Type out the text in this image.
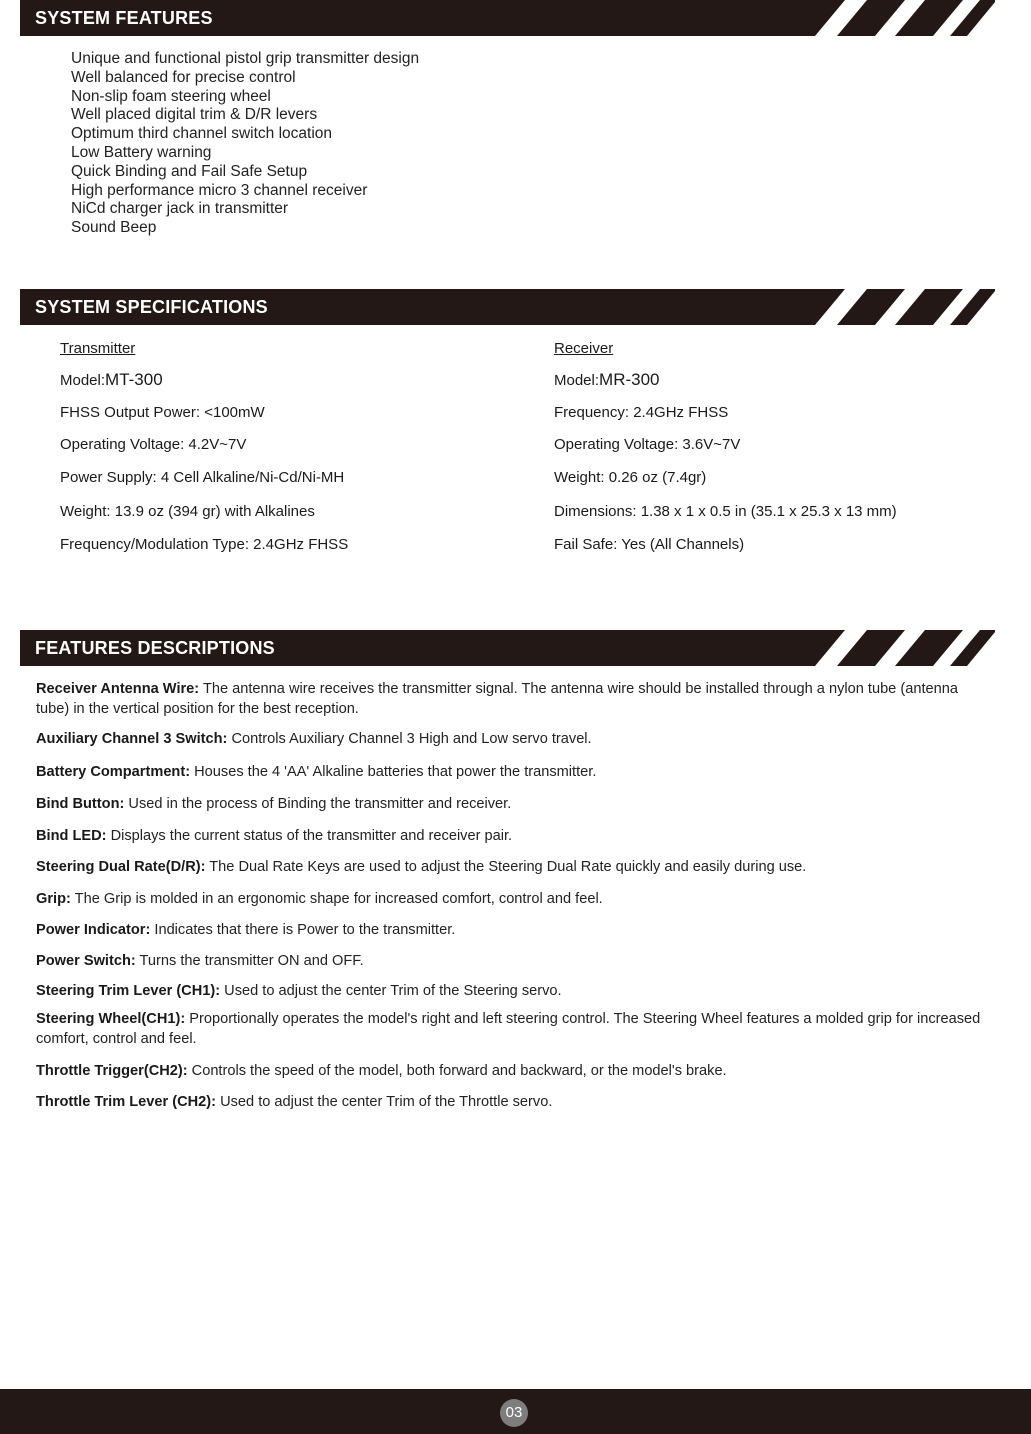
SYSTEM FEATURES
Unique and functional pistol grip transmitter design
Well balanced for precise control
Non-slip foam steering wheel
Well placed digital trim & D/R levers
Optimum third channel switch location
Low Battery warning
Quick Binding and Fail Safe Setup
High performance micro 3 channel receiver
NiCd charger jack in transmitter
Sound Beep
SYSTEM SPECIFICATIONS
Transmitter
Model:MT-300
FHSS Output Power: <100mW
Operating Voltage: 4.2V~7V
Power Supply: 4 Cell Alkaline/Ni-Cd/Ni-MH
Weight: 13.9 oz (394 gr) with Alkalines
Frequency/Modulation Type: 2.4GHz FHSS
Receiver
Model:MR-300
Frequency: 2.4GHz FHSS
Operating Voltage: 3.6V~7V
Weight: 0.26 oz (7.4gr)
Dimensions: 1.38 x 1 x 0.5 in (35.1 x 25.3 x 13 mm)
Fail Safe: Yes (All Channels)
FEATURES DESCRIPTIONS
Receiver Antenna Wire: The antenna wire receives the transmitter signal. The antenna wire should be installed through a nylon tube (antenna tube) in the vertical position for the best reception.
Auxiliary Channel 3 Switch: Controls Auxiliary Channel 3 High and Low servo travel.
Battery Compartment: Houses the 4 'AA' Alkaline batteries that power the transmitter.
Bind Button: Used in the process of Binding the transmitter and receiver.
Bind LED: Displays the current status of the transmitter and receiver pair.
Steering Dual Rate(D/R): The Dual Rate Keys are used to adjust the Steering Dual Rate quickly and easily during use.
Grip: The Grip is molded in an ergonomic shape for increased comfort, control and feel.
Power Indicator: Indicates that there is Power to the transmitter.
Power Switch: Turns the transmitter ON and OFF.
Steering Trim Lever (CH1): Used to adjust the center Trim of the Steering servo.
Steering Wheel(CH1): Proportionally operates the model's right and left steering control. The Steering Wheel features a molded grip for increased comfort, control and feel.
Throttle Trigger(CH2): Controls the speed of the model, both forward and backward, or the model's brake.
Throttle Trim Lever (CH2): Used to adjust the center Trim of the Throttle servo.
03
